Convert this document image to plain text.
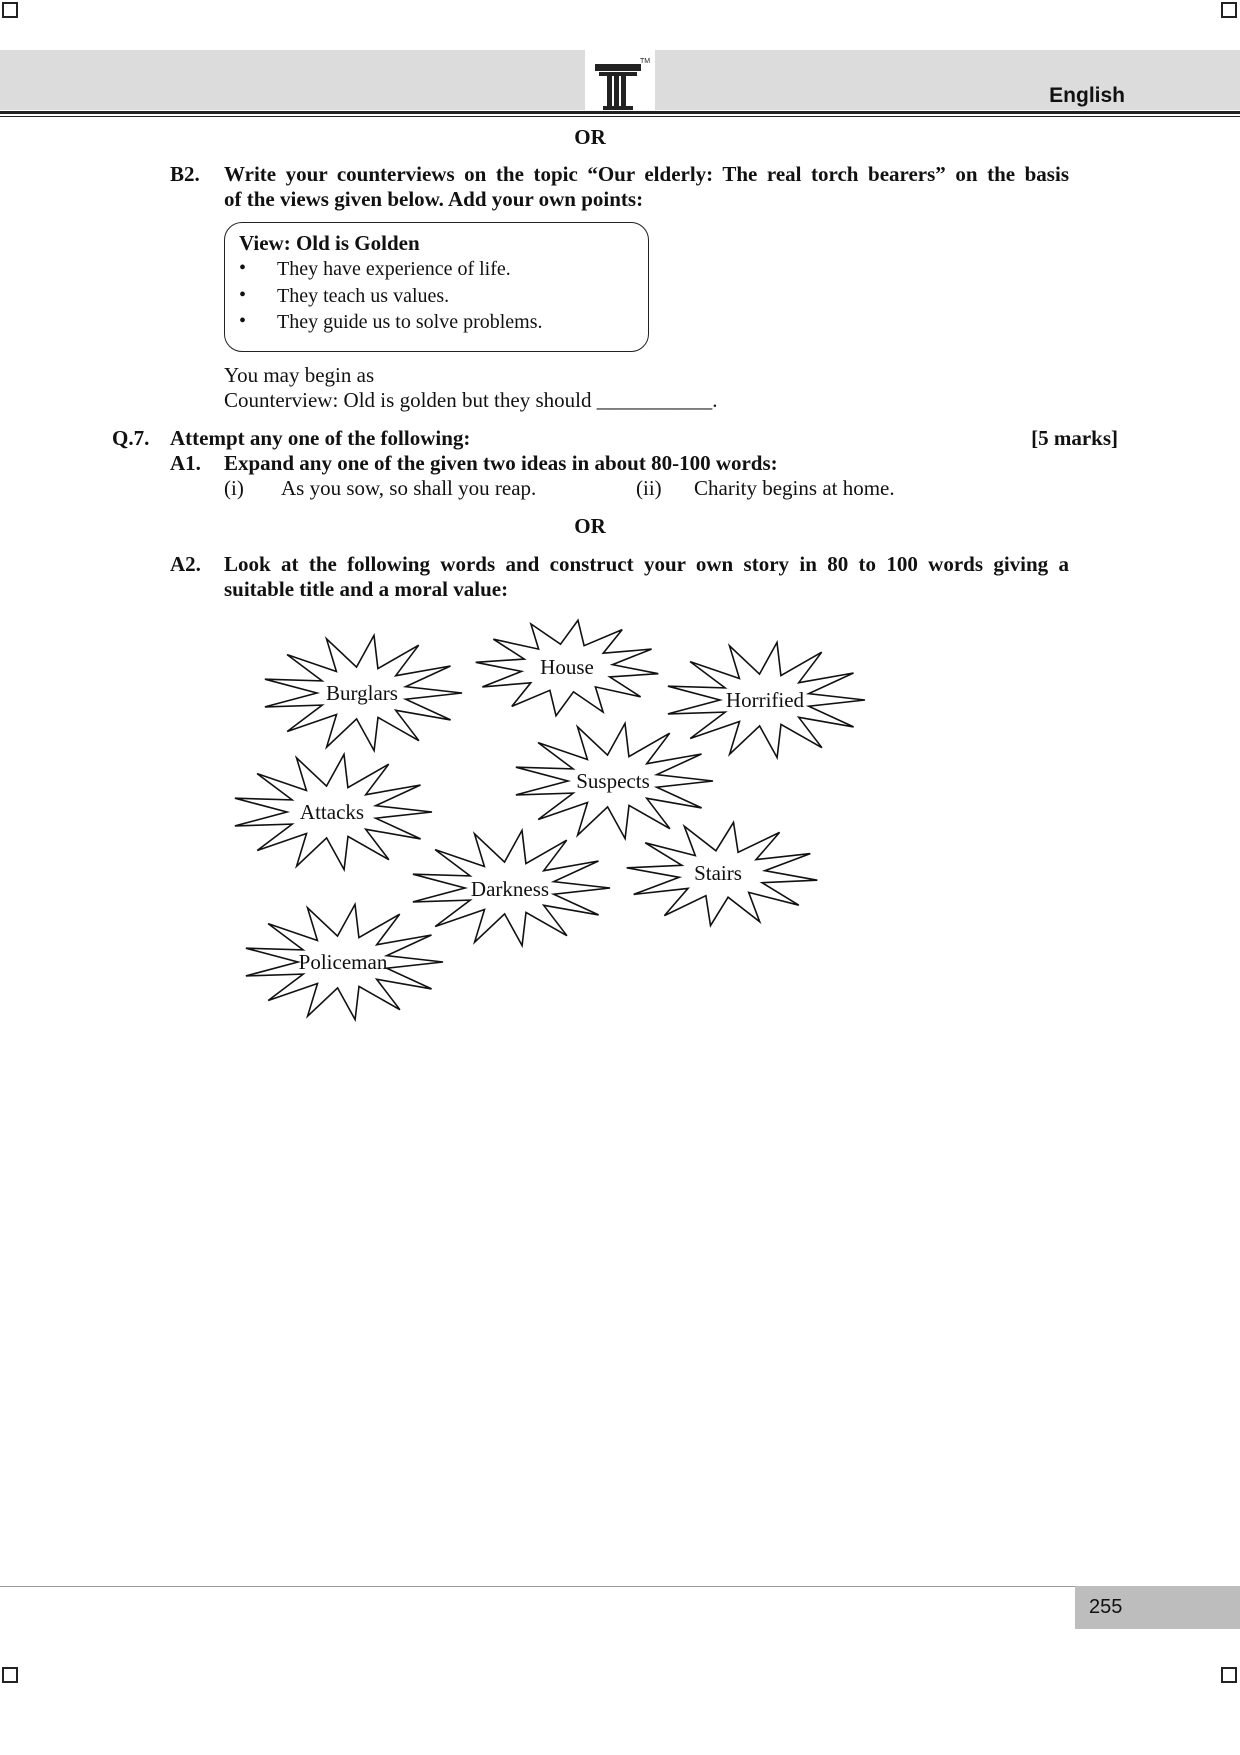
TM
English
OR
B2. Write your counterviews on the topic “Our elderly: The real torch bearers” on the basis
of the views given below. Add your own points:
View: Old is Golden
• They have experience of life.
• They teach us values.
• They guide us to solve problems.
You may begin as
Counterview: Old is golden but they should ___________.
Q.7. Attempt any one of the following:	[5 marks]
A1. Expand any one of the given two ideas in about 80-100 words:
(i) As you sow, so shall you reap.	(ii) Charity begins at home.
OR
A2. Look at the following words and construct your own story in 80 to 100 words giving a
suitable title and a moral value:
Burglars
House
Horrified
Suspects
Attacks
Darkness
Stairs
Policeman
255
